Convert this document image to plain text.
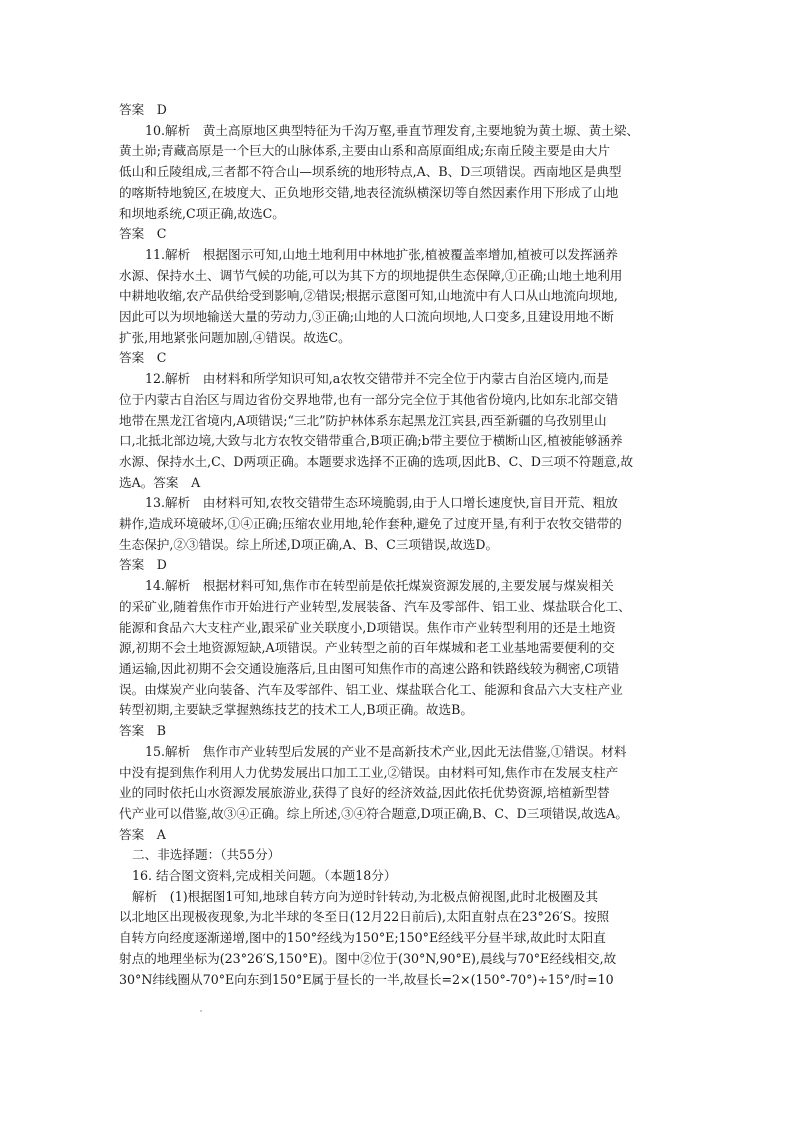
答案　D
10.解析　黄土高原地区典型特征为千沟万壑,垂直节理发育,主要地貌为黄土塬、黄土梁、
黄土峁;青藏高原是一个巨大的山脉体系,主要由山系和高原面组成;东南丘陵主要是由大片
低山和丘陵组成,三者都不符合山—坝系统的地形特点,A、B、D三项错误。西南地区是典型
的喀斯特地貌区,在坡度大、正负地形交错,地表径流纵横深切等自然因素作用下形成了山地
和坝地系统,C项正确,故选C。
答案　C
11.解析　根据图示可知,山地土地利用中林地扩张,植被覆盖率增加,植被可以发挥涵养
水源、保持水土、调节气候的功能,可以为其下方的坝地提供生态保障,①正确;山地土地利用
中耕地收缩,农产品供给受到影响,②错误;根据示意图可知,山地流中有人口从山地流向坝地,
因此可以为坝地输送大量的劳动力,③正确;山地的人口流向坝地,人口变多,且建设用地不断
扩张,用地紧张问题加剧,④错误。故选C。
答案　C
12.解析　由材料和所学知识可知,a农牧交错带并不完全位于内蒙古自治区境内,而是
位于内蒙古自治区与周边省份交界地带,也有一部分完全位于其他省份境内,比如东北部交错
地带在黑龙江省境内,A项错误;“三北”防护林体系东起黑龙江宾县,西至新疆的乌孜别里山
口,北抵北部边境,大致与北方农牧交错带重合,B项正确;b带主要位于横断山区,植被能够涵养
水源、保持水土,C、D两项正确。本题要求选择不正确的选项,因此B、C、D三项不符题意,故
选A。答案　A
13.解析　由材料可知,农牧交错带生态环境脆弱,由于人口增长速度快,盲目开荒、粗放
耕作,造成环境破坏,①④正确;压缩农业用地,轮作套种,避免了过度开垦,有利于农牧交错带的
生态保护,②③错误。综上所述,D项正确,A、B、C三项错误,故选D。
答案　D
14.解析　根据材料可知,焦作市在转型前是依托煤炭资源发展的,主要发展与煤炭相关
的采矿业,随着焦作市开始进行产业转型,发展装备、汽车及零部件、铝工业、煤盐联合化工、
能源和食品六大支柱产业,跟采矿业关联度小,D项错误。焦作市产业转型利用的还是土地资
源,初期不会土地资源短缺,A项错误。产业转型之前的百年煤城和老工业基地需要便利的交
通运输,因此初期不会交通设施落后,且由图可知焦作市的高速公路和铁路线较为稠密,C项错
误。由煤炭产业向装备、汽车及零部件、铝工业、煤盐联合化工、能源和食品六大支柱产业
转型初期,主要缺乏掌握熟练技艺的技术工人,B项正确。故选B。
答案　B
15.解析　焦作市产业转型后发展的产业不是高新技术产业,因此无法借鉴,①错误。材料
中没有提到焦作利用人力优势发展出口加工工业,②错误。由材料可知,焦作市在发展支柱产
业的同时依托山水资源发展旅游业,获得了良好的经济效益,因此依托优势资源,培植新型替
代产业可以借鉴,故③④正确。综上所述,③④符合题意,D项正确,B、C、D三项错误,故选A。
答案　A
二、非选择题：（共55分）
16. 结合图文资料,完成相关问题。（本题18分）
解析　(1)根据图1可知,地球自转方向为逆时针转动,为北极点俯视图,此时北极圈及其
以北地区出现极夜现象,为北半球的冬至日(12月22日前后),太阳直射点在23°26′S。按照
自转方向经度逐渐递增,图中的150°经线为150°E;150°E经线平分昼半球,故此时太阳直
射点的地理坐标为(23°26′S,150°E)。图中②位于(30°N,90°E),晨线与70°E经线相交,故
30°N纬线圈从70°E向东到150°E属于昼长的一半,故昼长=2×(150°-70°)÷15°/时=10
